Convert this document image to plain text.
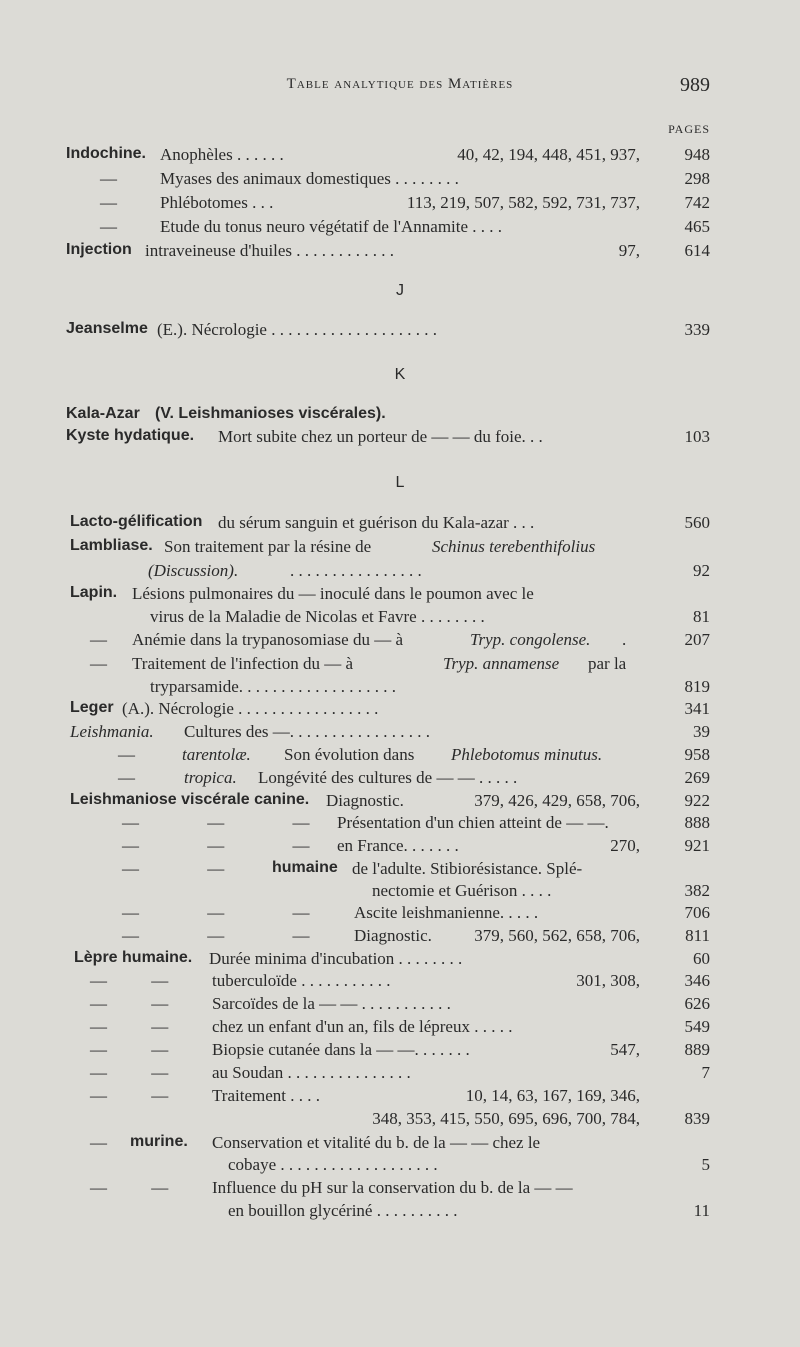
Table analytique des Matières	989
PAGES
Indochine. Anophèles . . . . . .	40, 42, 194, 448, 451, 937,	948
—	Myases des animaux domestiques . . . . . . . .	298
—	Phlébotomes . . .	113, 219, 507, 582, 592, 731, 737,	742
—	Etude du tonus neuro végétatif de l'Annamite . . . .	465
Injection intraveineuse d'huiles . . . . . . . . . . . .	97,	614
J
Jeanselme (E.). Nécrologie . . . . . . . . . . . . . . . . . . . .	339
K
Kala-Azar (V. Leishmanioses viscérales).
Kyste hydatique. Mort subite chez un porteur de — — du foie. . .	103
L
Lacto-gélification du sérum sanguin et guérison du Kala-azar . . .	560
Lambliase. Son traitement par la résine de	Schinus terebenthifolius
(Discussion).	. . . . . . . . . . . . . . . .	92
Lapin. Lésions pulmonaires du — inoculé dans le poumon avec le
virus de la Maladie de Nicolas et Favre . . . . . . . .	81
— Anémie dans la trypanosomiase du — à	Tryp. congolense. .	207
— Traitement de l'infection du — à	Tryp. annamense par la
tryparsamide. . . . . . . . . . . . . . . . . . .	819
Leger (A.). Nécrologie . . . . . . . . . . . . . . . . .	341
Leishmania. Cultures des —. . . . . . . . . . . . . . . . .	39
—	tarentolæ. Son évolution dans Phlebotomus minutus.	958
—	tropica. Longévité des cultures de — — . . . . .	269
Leishmaniose viscérale canine. Diagnostic.	379, 426, 429, 658, 706,	922
— — — Présentation d'un chien atteint de — —.	888
— — — en France. . . . . . .	270,	921
— —	humaine de l'adulte. Stibiorésistance. Splé-
nectomie et Guérison . . . .	382
— — —	Ascite leishmanienne. . . . .	706
— — —	Diagnostic. 379, 560, 562, 658, 706,	811
Lèpre humaine. Durée minima d'incubation . . . . . . . .	60
— —	tuberculoïde . . . . . . . . . . .	301, 308,	346
— —	Sarcoïdes de la — — . . . . . . . . . . .	626
— —	chez un enfant d'un an, fils de lépreux . . . . .	549
— —	Biopsie cutanée dans la — —. . . . . . .	547,	889
— —	au Soudan . . . . . . . . . . . . . . .	7
— —	Traitement . . . .	10, 14, 63, 167, 169, 346,
348, 353, 415, 550, 695, 696, 700, 784,	839
— murine. Conservation et vitalité du b. de la — — chez le
cobaye . . . . . . . . . . . . . . . . . . .	5
— —	Influence du pH sur la conservation du b. de la — —
en bouillon glycériné . . . . . . . . . .	11
